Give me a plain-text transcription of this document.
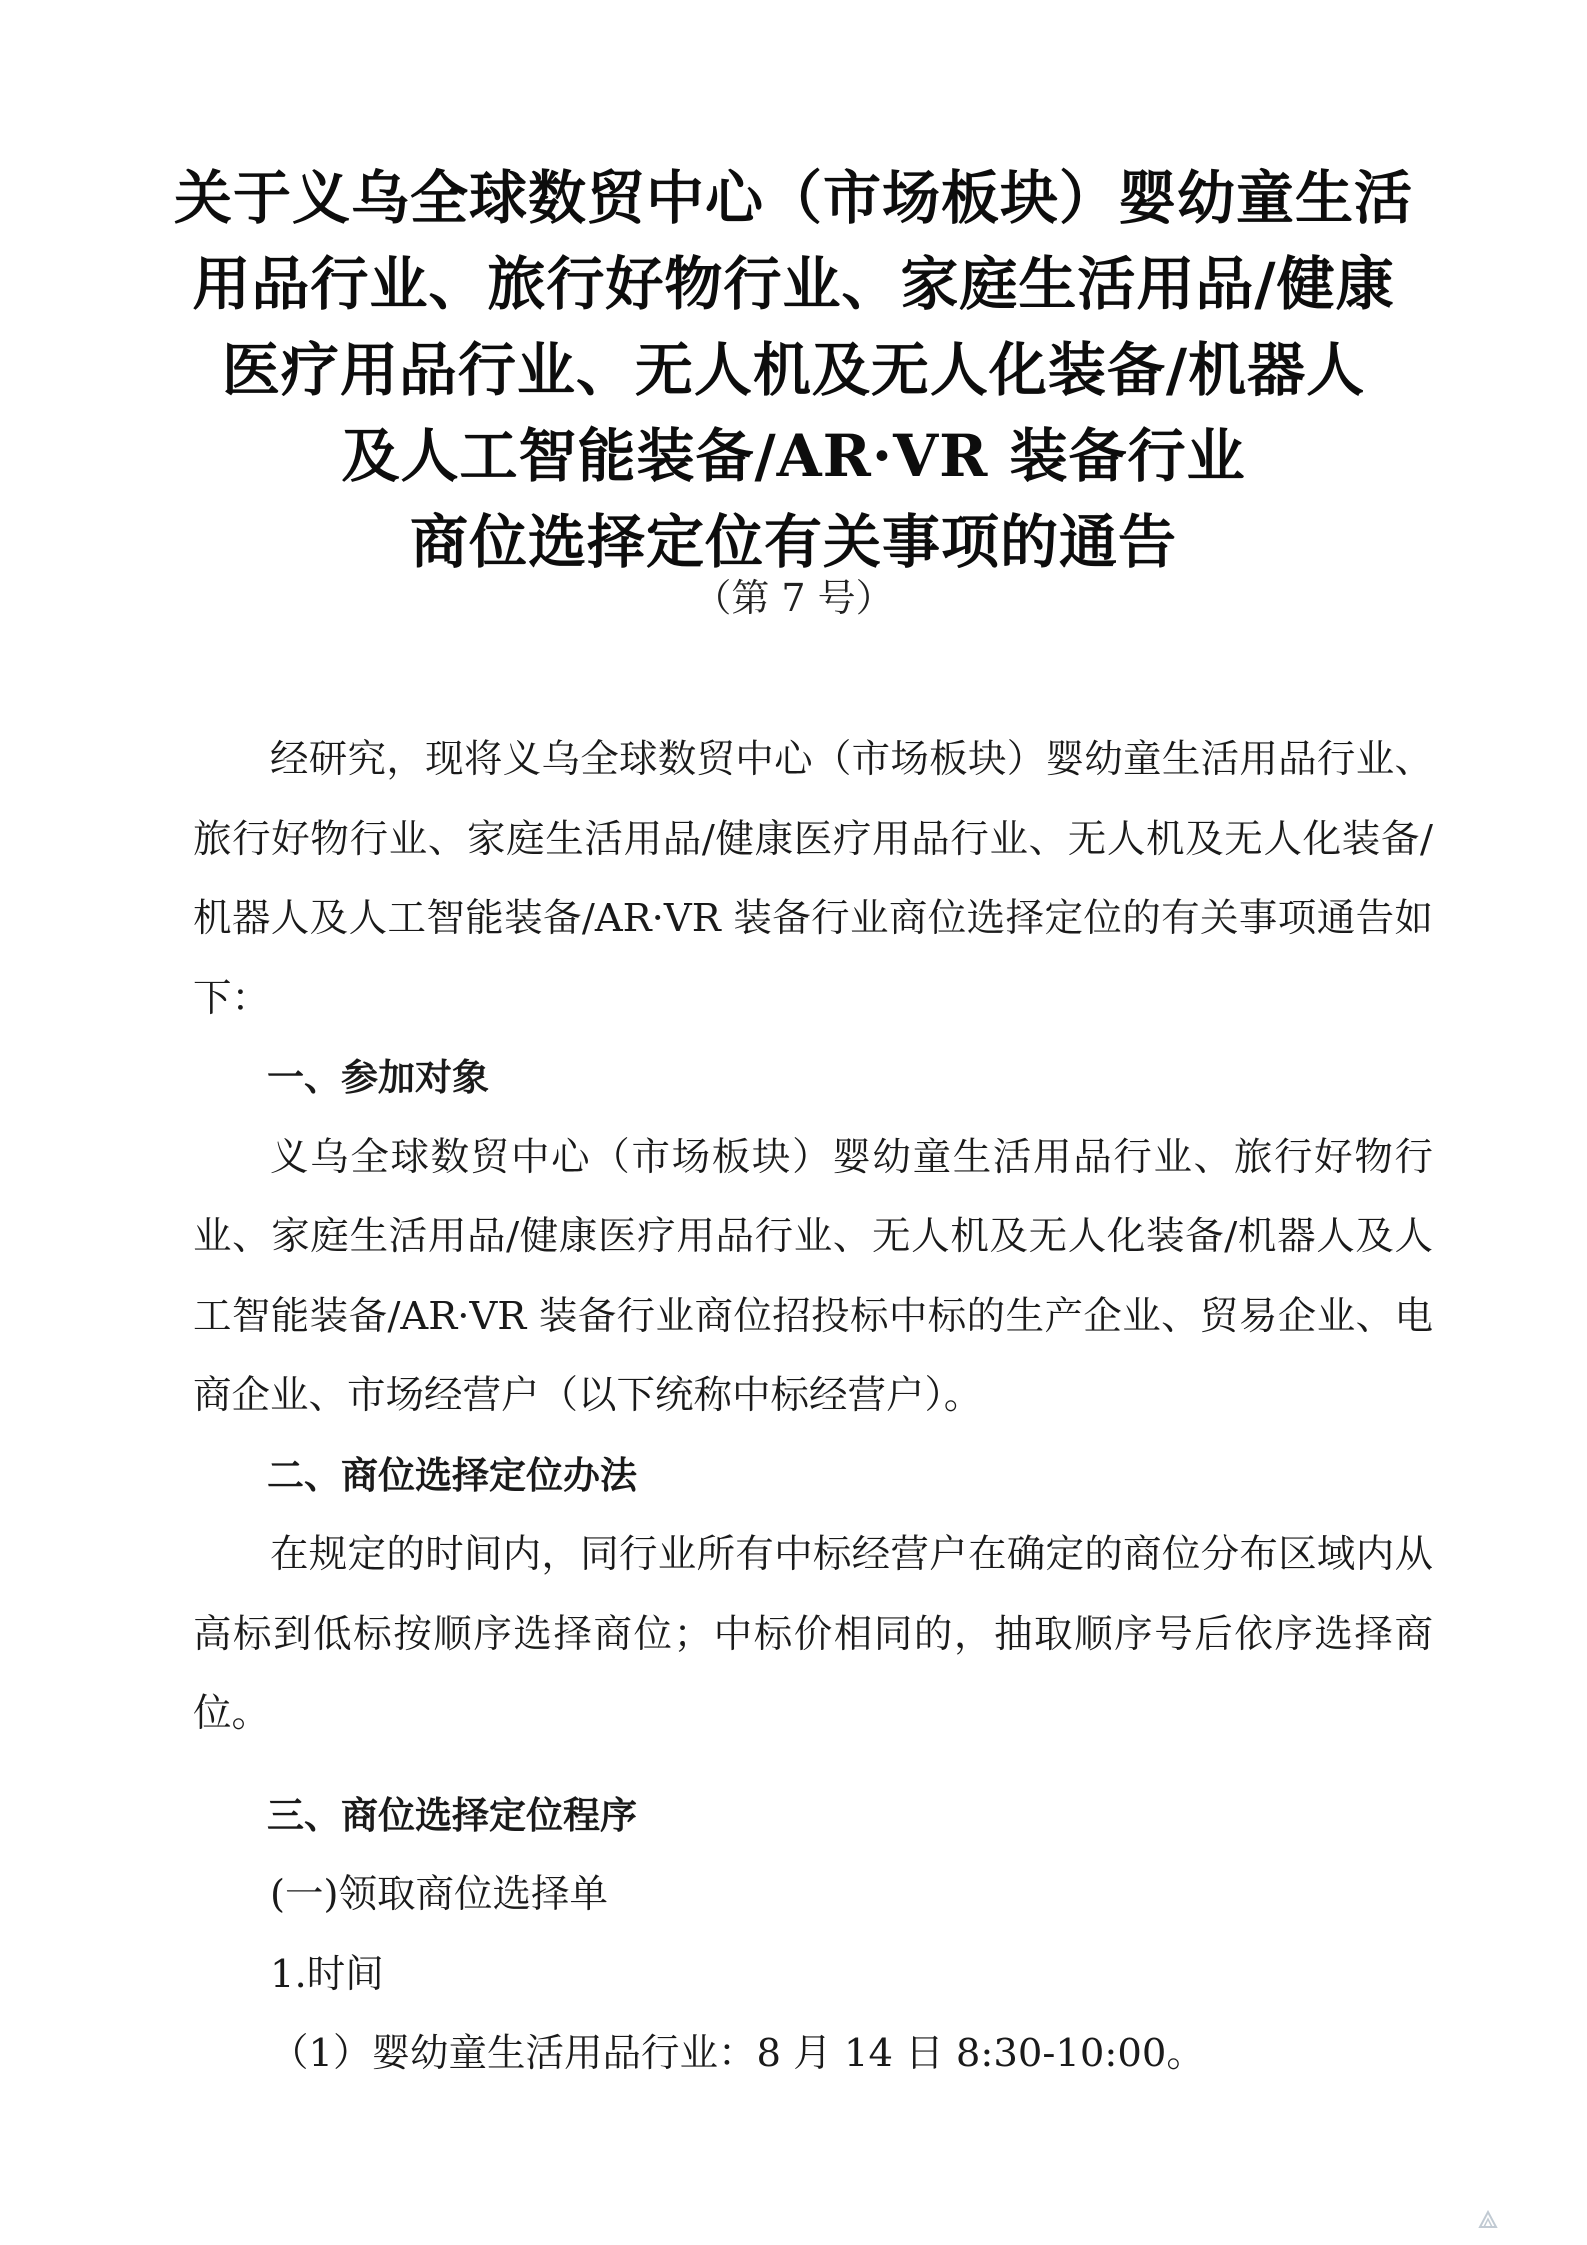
关于义乌全球数贸中心（市场板块）婴幼童生活
用品行业、旅行好物行业、家庭生活用品/健康
医疗用品行业、无人机及无人化装备/机器人
及人工智能装备/AR·VR 装备行业
商位选择定位有关事项的通告
（第 7 号）

经研究，现将义乌全球数贸中心（市场板块）婴幼童生活用品行业、旅行好物行业、家庭生活用品/健康医疗用品行业、无人机及无人化装备/机器人及人工智能装备/AR·VR 装备行业商位选择定位的有关事项通告如下：

一、参加对象

义乌全球数贸中心（市场板块）婴幼童生活用品行业、旅行好物行业、家庭生活用品/健康医疗用品行业、无人机及无人化装备/机器人及人工智能装备/AR·VR 装备行业商位招投标中标的生产企业、贸易企业、电商企业、市场经营户（以下统称中标经营户）。

二、商位选择定位办法

在规定的时间内，同行业所有中标经营户在确定的商位分布区域内从高标到低标按顺序选择商位；中标价相同的，抽取顺序号后依序选择商位。

三、商位选择定位程序

(一)领取商位选择单

1.时间

（1）婴幼童生活用品行业：8 月 14 日 8:30-10:00。
